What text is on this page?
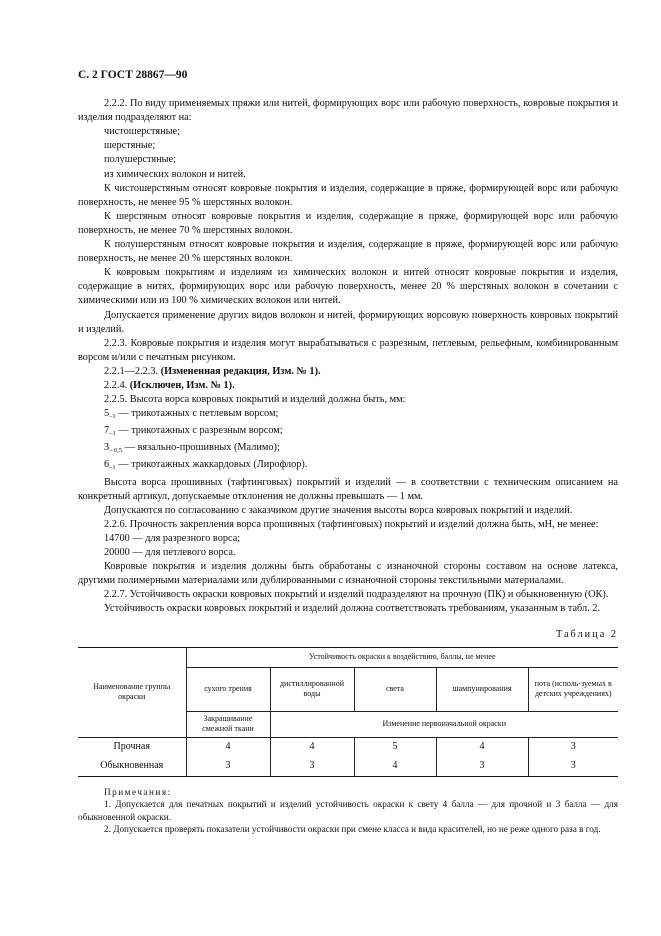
С. 2 ГОСТ 28867—90

2.2.2. По виду применяемых пряжи или нитей, формирующих ворс или рабочую поверхность, ковровые покрытия и изделия подразделяют на:

чистошерстяные;
шерстяные;
полушерстяные;
из химических волокон и нитей.

К чистошерстяным относят ковровые покрытия и изделия, содержащие в пряже, формирующей ворс или рабочую поверхность, не менее 95 % шерстяных волокон.

К шерстяным относят ковровые покрытия и изделия, содержащие в пряже, формирующей ворс или рабочую поверхность, не менее 70 % шерстяных волокон.

К полушерстяным относят ковровые покрытия и изделия, содержащие в пряже, формирующей ворс или рабочую поверхность, не менее 20 % шерстяных волокон.

К ковровым покрытиям и изделиям из химических волокон и нитей относят ковровые покрытия и изделия, содержащие в нитях, формирующих ворс или рабочую поверхность, менее 20 % шерстяных волокон в сочетании с химическими или из 100 % химических волокон или нитей.

Допускается применение других видов волокон и нитей, формирующих ворсовую поверхность ковровых покрытий и изделий.

2.2.3. Ковровые покрытия и изделия могут вырабатываться с разрезным, петлевым, рельефным, комбинированным ворсом и/или с печатным рисунком.

2.2.1—2.2.3. (Измененная редакция, Изм. № 1).

2.2.4. (Исключен, Изм. № 1).

2.2.5. Высота ворса ковровых покрытий и изделий должна быть, мм:

$5_{-1}$ — трикотажных с петлевым ворсом;
$7_{-1}$ — трикотажных с разрезным ворсом;
$3_{- 0,5}$ — вязально-прошивных (Малимо);
$6_{-1}$ — трикотажных жаккардовых (Лирофлор).

Высота ворса прошивных (тафтинговых) покрытий и изделий — в соответствии с техническим описанием на конкретный артикул, допускаемые отклонения не должны превышать — 1 мм.

Допускаются по согласованию с заказчиком другие значения высоты ворса ковровых покрытий и изделий.

2.2.6. Прочность закрепления ворса прошивных (тафтинговых) покрытий и изделий должна быть, мН, не менее:

14700 — для разрезного ворса;
20000 — для петлевого ворса.

Ковровые покрытия и изделия должны быть обработаны с изнаночной стороны составом на основе латекса, другими полимерными материалами или дублированными с изнаночной стороны текстильными материалами.

2.2.7. Устойчивость окраски ковровых покрытий и изделий подразделяют на прочную (ПК) и обыкновенную (ОК).

Устойчивость окраски ковровых покрытий и изделий должна соответствовать требованиям, указанным в табл. 2.

Таблица 2
Наименование группы окраски	Устойчивость окраски к воздействию, баллы, не менее				
	сухого трения	дистиллированной воды	света	шампунирования	пота (исполь-зуемых в детских учреждениях)
	Закрашивание смежной ткани	Изменение первоначальной окраски			
Прочная	4	4	5	4	3
Обыкновенная	3	3	4	3	3
Примечания:

1. Допускается для печатных покрытий и изделий устойчивость окраски к свету 4 балла — для прочной и 3 балла — для обыкновенной окраски.

2. Допускается проверять показатели устойчивости окраски при смене класса и вида красителей, но не реже одного раза в год.
